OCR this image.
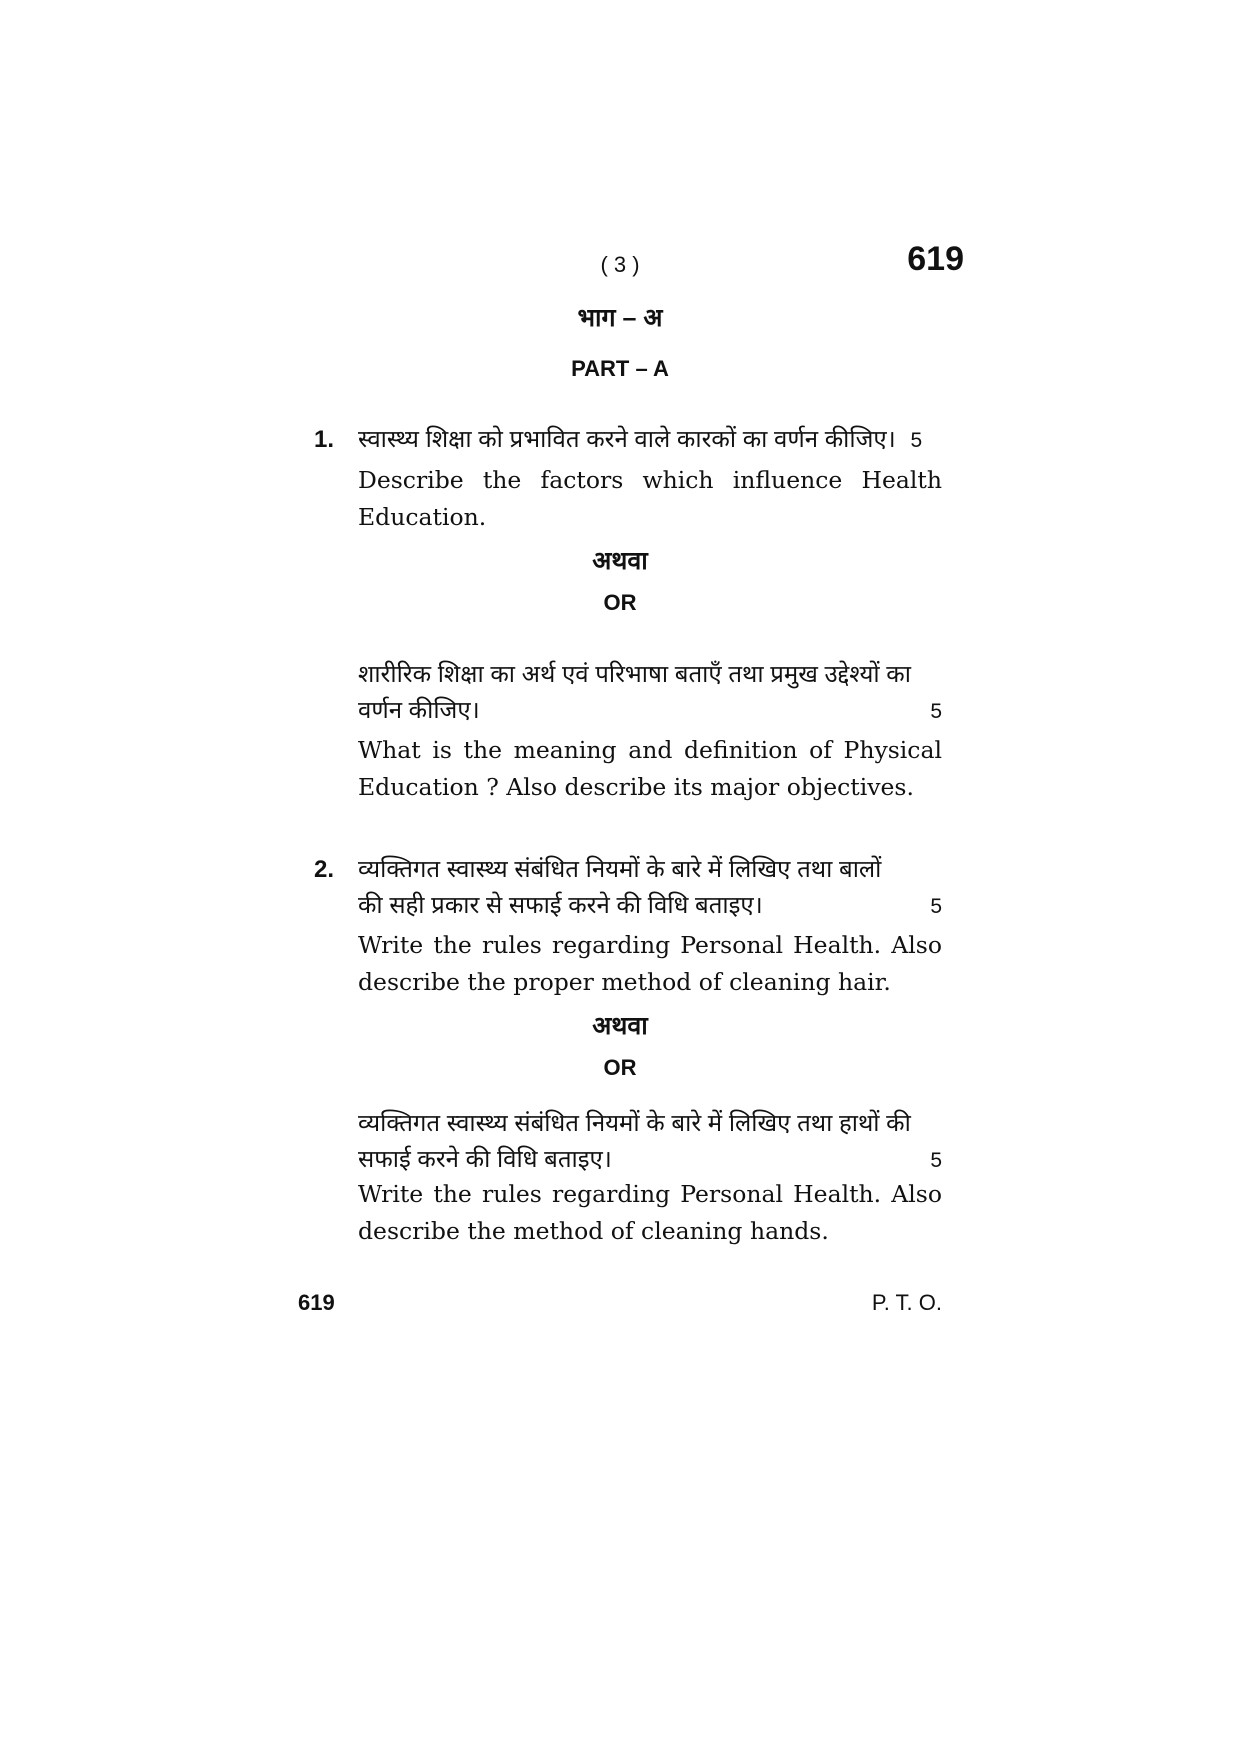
( 3 )	619
भाग – अ
PART – A
1. स्वास्थ्य शिक्षा को प्रभावित करने वाले कारकों का वर्णन कीजिए। 5
Describe the factors which influence Health Education.
अथवा
OR
शारीरिक शिक्षा का अर्थ एवं परिभाषा बताएँ तथा प्रमुख उद्देश्यों का
वर्णन कीजिए।	5
What is the meaning and definition of Physical Education ? Also describe its major objectives.
2. व्यक्तिगत स्वास्थ्य संबंधित नियमों के बारे में लिखिए तथा बालों
की सही प्रकार से सफाई करने की विधि बताइए।	5
Write the rules regarding Personal Health. Also describe the proper method of cleaning hair.
अथवा
OR
व्यक्तिगत स्वास्थ्य संबंधित नियमों के बारे में लिखिए तथा हाथों की
सफाई करने की विधि बताइए।	5
Write the rules regarding Personal Health. Also describe the method of cleaning hands.
619	P. T. O.
